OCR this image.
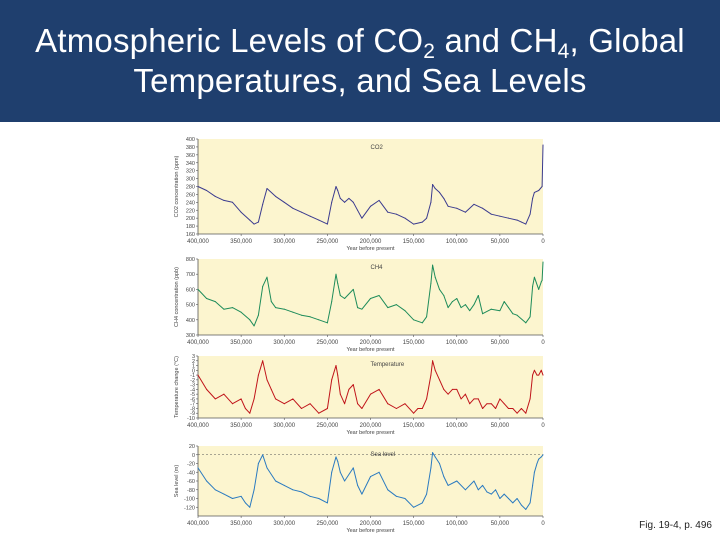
Atmospheric Levels of $CO_2$ and $CH_4$, Global
Temperatures, and Sea Levels
160
180
200
220
240
260
280
300
320
340
360
380
400
CO2 concentration (ppm)
400,000	350,000	300,000	250,000	200,000	150,000	100,000	50,000	0
Year before present
CO2
300
400
500
600
700
800
CH4 concentration (ppb)
400,000	350,000	300,000	250,000	200,000	150,000	100,000	50,000	0
Year before present
CH4
-10
-9
-8
-7
-6
-5
-4
-3
-2
-1
0
1
2
3
Temperature change (°C)
400,000	350,000	300,000	250,000	200,000	150,000	100,000	50,000	0
Year before present
Temperature
-120
-100
-80
-60
-40
-20
0
20
Sea level (m)
400,000	350,000	300,000	250,000	200,000	150,000	100,000	50,000	0
Year before present
Sea level
Fig. 19-4, p. 496
